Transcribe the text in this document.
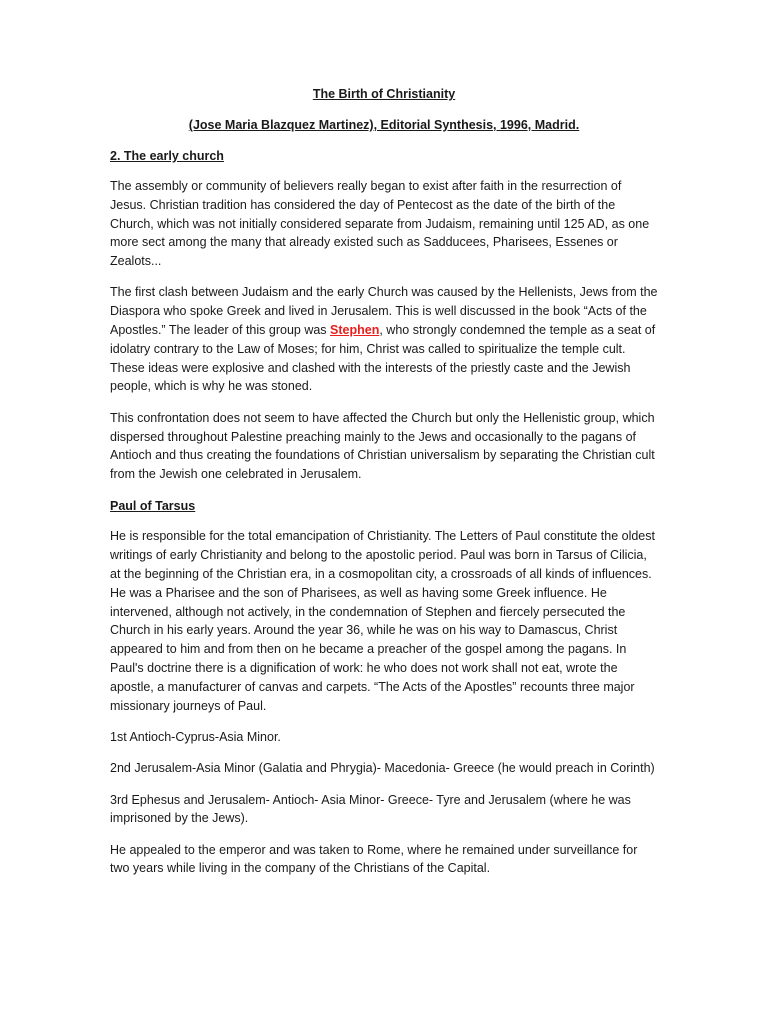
The Birth of Christianity

(Jose Maria Blazquez Martinez), Editorial Synthesis, 1996, Madrid.

2. The early church

The assembly or community of believers really began to exist after faith in the resurrection of Jesus. Christian tradition has considered the day of Pentecost as the date of the birth of the Church, which was not initially considered separate from Judaism, remaining until 125 AD, as one more sect among the many that already existed such as Sadducees, Pharisees, Essenes or Zealots...

The first clash between Judaism and the early Church was caused by the Hellenists, Jews from the Diaspora who spoke Greek and lived in Jerusalem. This is well discussed in the book “Acts of the Apostles.” The leader of this group was Stephen, who strongly condemned the temple as a seat of idolatry contrary to the Law of Moses; for him, Christ was called to spiritualize the temple cult. These ideas were explosive and clashed with the interests of the priestly caste and the Jewish people, which is why he was stoned.

This confrontation does not seem to have affected the Church but only the Hellenistic group, which dispersed throughout Palestine preaching mainly to the Jews and occasionally to the pagans of Antioch and thus creating the foundations of Christian universalism by separating the Christian cult from the Jewish one celebrated in Jerusalem.

Paul of Tarsus

He is responsible for the total emancipation of Christianity. The Letters of Paul constitute the oldest writings of early Christianity and belong to the apostolic period. Paul was born in Tarsus of Cilicia, at the beginning of the Christian era, in a cosmopolitan city, a crossroads of all kinds of influences. He was a Pharisee and the son of Pharisees, as well as having some Greek influence. He intervened, although not actively, in the condemnation of Stephen and fiercely persecuted the Church in his early years. Around the year 36, while he was on his way to Damascus, Christ appeared to him and from then on he became a preacher of the gospel among the pagans. In Paul's doctrine there is a dignification of work: he who does not work shall not eat, wrote the apostle, a manufacturer of canvas and carpets. “The Acts of the Apostles” recounts three major missionary journeys of Paul.

1st Antioch-Cyprus-Asia Minor.

2nd Jerusalem-Asia Minor (Galatia and Phrygia)- Macedonia- Greece (he would preach in Corinth)

3rd Ephesus and Jerusalem- Antioch- Asia Minor- Greece- Tyre and Jerusalem (where he was imprisoned by the Jews).

He appealed to the emperor and was taken to Rome, where he remained under surveillance for two years while living in the company of the Christians of the Capital.
